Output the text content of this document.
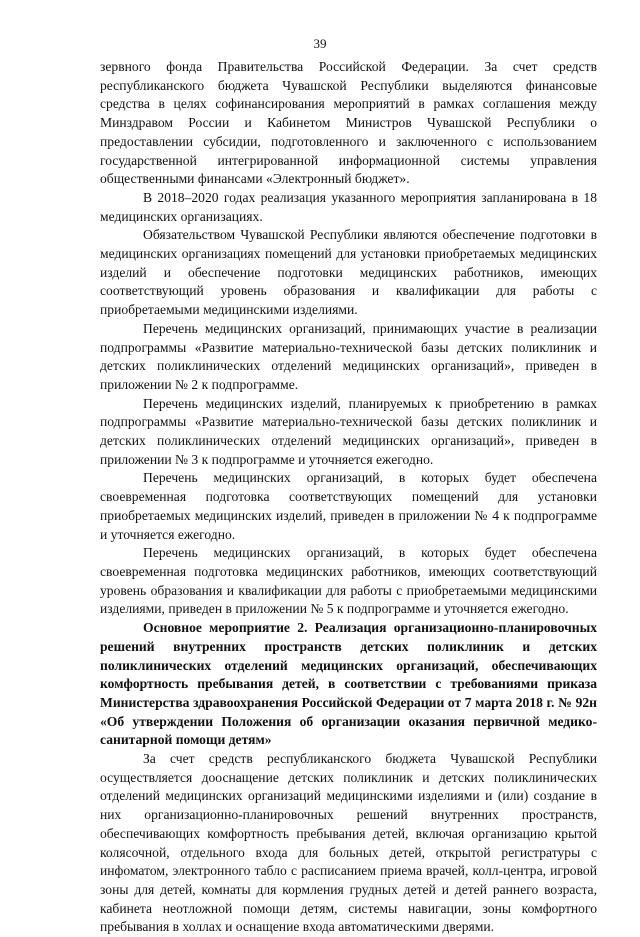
39

зервного фонда Правительства Российской Федерации. За счет средств республиканского бюджета Чувашской Республики выделяются финансовые средства в целях софинансирования мероприятий в рамках соглашения между Минздравом России и Кабинетом Министров Чувашской Республики о предоставлении субсидии, подготовленного и заключенного с использованием государственной интегрированной информационной системы управления общественными финансами «Электронный бюджет».

В 2018–2020 годах реализация указанного мероприятия запланирована в 18 медицинских организациях.

Обязательством Чувашской Республики являются обеспечение подготовки в медицинских организациях помещений для установки приобретаемых медицинских изделий и обеспечение подготовки медицинских работников, имеющих соответствующий уровень образования и квалификации для работы с приобретаемыми медицинскими изделиями.

Перечень медицинских организаций, принимающих участие в реализации подпрограммы «Развитие материально-технической базы детских поликлиник и детских поликлинических отделений медицинских организаций», приведен в приложении № 2 к подпрограмме.

Перечень медицинских изделий, планируемых к приобретению в рамках подпрограммы «Развитие материально-технической базы детских поликлиник и детских поликлинических отделений медицинских организаций», приведен в приложении № 3 к подпрограмме и уточняется ежегодно.

Перечень медицинских организаций, в которых будет обеспечена своевременная подготовка соответствующих помещений для установки приобретаемых медицинских изделий, приведен в приложении № 4 к подпрограмме и уточняется ежегодно.

Перечень медицинских организаций, в которых будет обеспечена своевременная подготовка медицинских работников, имеющих соответствующий уровень образования и квалификации для работы с приобретаемыми медицинскими изделиями, приведен в приложении № 5 к подпрограмме и уточняется ежегодно.

Основное мероприятие 2. Реализация организационно-планировочных решений внутренних пространств детских поликлиник и детских поликлинических отделений медицинских организаций, обеспечивающих комфортность пребывания детей, в соответствии с требованиями приказа Министерства здравоохранения Российской Федерации от 7 марта 2018 г. № 92н «Об утверждении Положения об организации оказания первичной медико-санитарной помощи детям»

За счет средств республиканского бюджета Чувашской Республики осуществляется дооснащение детских поликлиник и детских поликлинических отделений медицинских организаций медицинскими изделиями и (или) создание в них организационно-планировочных решений внутренних пространств, обеспечивающих комфортность пребывания детей, включая организацию крытой колясочной, отдельного входа для больных детей, открытой регистратуры с инфоматом, электронного табло с расписанием приема врачей, колл-центра, игровой зоны для детей, комнаты для кормления грудных детей и детей раннего возраста, кабинета неотложной помощи детям, системы навигации, зоны комфортного пребывания в холлах и оснащение входа автоматическими дверями.
